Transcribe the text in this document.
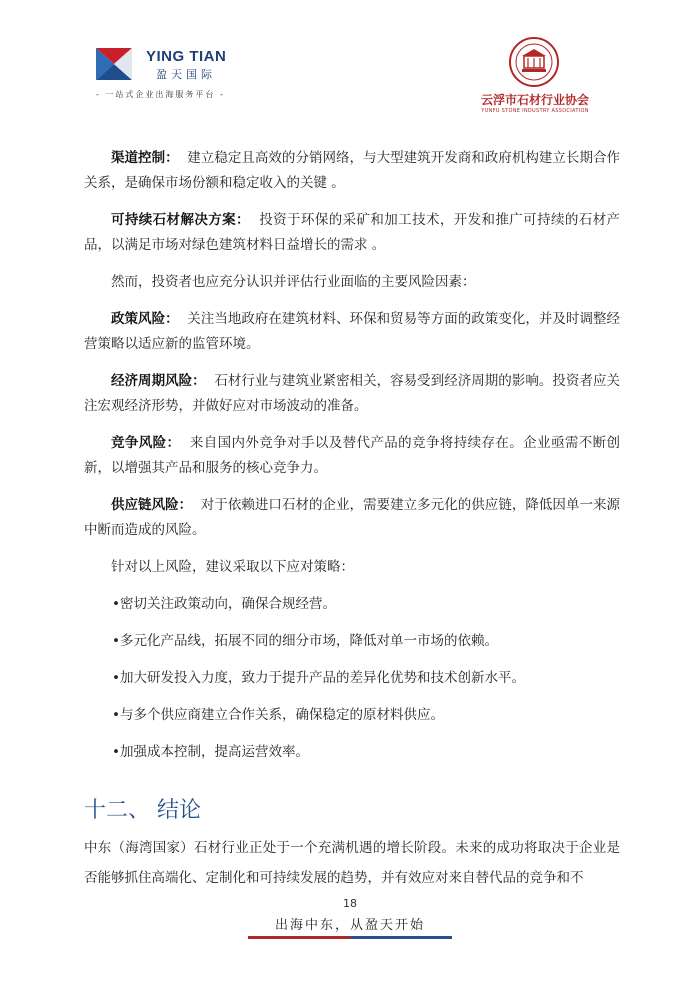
YING TIAN
盈天国际
- 一站式企业出海服务平台 -	云浮市石材行业协会
YUNFU STONE INDUSTRY ASSOCIATION

渠道控制： 建立稳定且高效的分销网络，与大型建筑开发商和政府机构建立长期合作关系，是确保市场份额和稳定收入的关键 。

可持续石材解决方案： 投资于环保的采矿和加工技术，开发和推广可持续的石材产品，以满足市场对绿色建筑材料日益增长的需求 。

然而，投资者也应充分认识并评估行业面临的主要风险因素：

政策风险： 关注当地政府在建筑材料、环保和贸易等方面的政策变化，并及时调整经营策略以适应新的监管环境。

经济周期风险： 石材行业与建筑业紧密相关，容易受到经济周期的影响。投资者应关注宏观经济形势，并做好应对市场波动的准备。

竞争风险： 来自国内外竞争对手以及替代产品的竞争将持续存在。企业亟需不断创新，以增强其产品和服务的核心竞争力。

供应链风险： 对于依赖进口石材的企业，需要建立多元化的供应链，降低因单一来源中断而造成的风险。

针对以上风险，建议采取以下应对策略：

• 密切关注政策动向，确保合规经营。
• 多元化产品线，拓展不同的细分市场，降低对单一市场的依赖。
• 加大研发投入力度，致力于提升产品的差异化优势和技术创新水平。
• 与多个供应商建立合作关系，确保稳定的原材料供应。
• 加强成本控制，提高运营效率。
十二、 结论
中东（海湾国家）石材行业正处于一个充满机遇的增长阶段。未来的成功将取决于企业是否能够抓住高端化、定制化和可持续发展的趋势，并有效应对来自替代品的竞争和不
18
出海中东，从盈天开始
